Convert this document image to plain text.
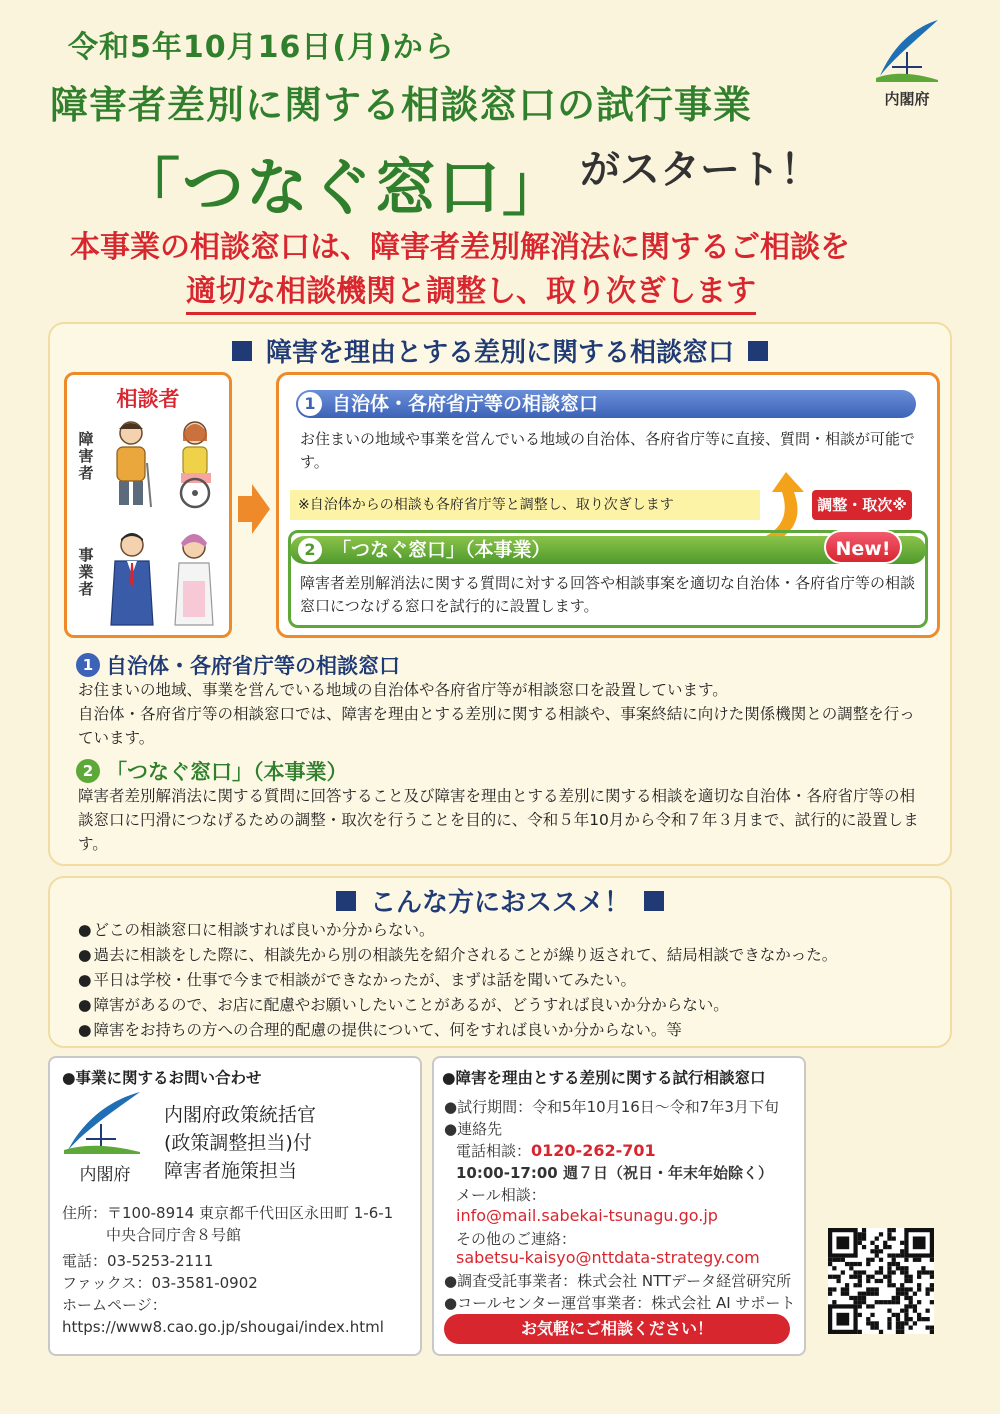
令和5年10月16日(月)から
障害者差別に関する相談窓口の試行事業
「つなぐ窓口」 がスタート！
本事業の相談窓口は、障害者差別解消法に関するご相談を
適切な相談機関と調整し、取り次ぎします
内閣府
障害を理由とする差別に関する相談窓口
相談者
障害者
事業者
自治体・各府省庁等の相談窓口
1
お住まいの地域や事業を営んでいる地域の自治体、各府省庁等に直接、質問・相談が可能です。
※自治体からの相談も各府省庁等と調整し、取り次ぎします	調整・取次※
「つなぐ窓口」（本事業）
2	New!
障害者差別解消法に関する質問に対する回答や相談事案を適切な自治体・各府省庁等の相談窓口につなげる窓口を試行的に設置します。
1 自治体・各府省庁等の相談窓口
お住まいの地域、事業を営んでいる地域の自治体や各府省庁等が相談窓口を設置しています。
自治体・各府省庁等の相談窓口では、障害を理由とする差別に関する相談や、事案終結に向けた関係機関との調整を行っています。
2 「つなぐ窓口」（本事業）
障害者差別解消法に関する質問に回答すること及び障害を理由とする差別に関する相談を適切な自治体・各府省庁等の相談窓口に円滑につなげるための調整・取次を行うことを目的に、令和５年10月から令和７年３月まで、試行的に設置します。
こんな方におススメ！
● どこの相談窓口に相談すれば良いか分からない。
● 過去に相談をした際に、相談先から別の相談先を紹介されることが繰り返されて、結局相談できなかった。
● 平日は学校・仕事で今まで相談ができなかったが、まずは話を聞いてみたい。
● 障害があるので、お店に配慮やお願いしたいことがあるが、どうすれば良いか分からない。
● 障害をお持ちの方への合理的配慮の提供について、何をすれば良いか分からない。等
●事業に関するお問い合わせ
内閣府
内閣府政策統括官
(政策調整担当)付
障害者施策担当
住所：〒100-8914 東京都千代田区永田町 1-6-1
中央合同庁舎８号館
電話：03-5253-2111
ファックス：03-3581-0902
ホームページ：
https://www8.cao.go.jp/shougai/index.html
●障害を理由とする差別に関する試行相談窓口
●試行期間：令和5年10月16日～令和7年3月下旬
●連絡先
電話相談：0120-262-701
10:00-17:00 週７日（祝日・年末年始除く）
メール相談：
info@mail.sabekai-tsunagu.go.jp
その他のご連絡：
sabetsu-kaisyo@nttdata-strategy.com
●調査受託事業者：株式会社 NTTデータ経営研究所
●コールセンター運営事業者：株式会社 AI サポート
お気軽にご相談ください！
